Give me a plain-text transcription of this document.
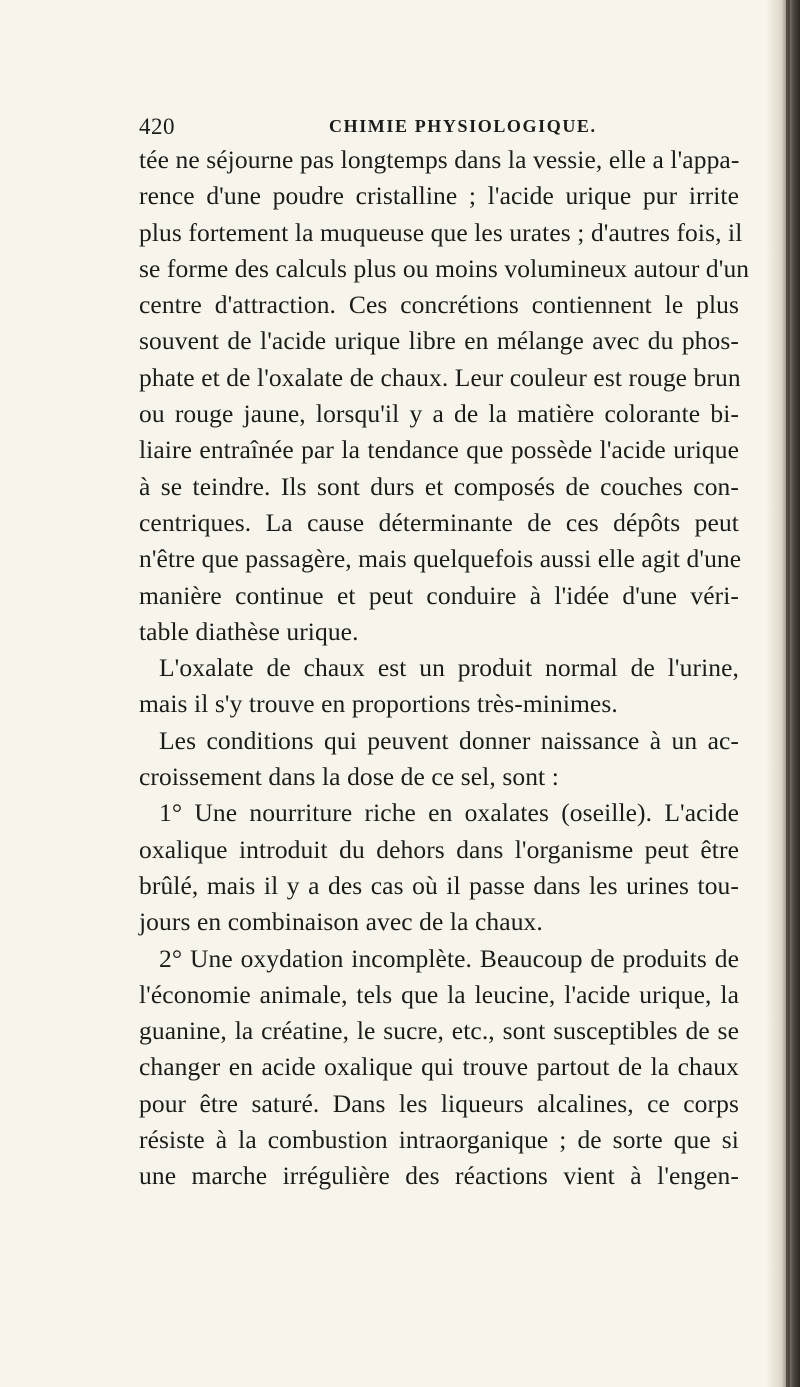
420	CHIMIE PHYSIOLOGIQUE.
tée ne séjourne pas longtemps dans la vessie, elle a l'appa-
rence d'une poudre cristalline ; l'acide urique pur irrite
plus fortement la muqueuse que les urates ; d'autres fois, il
se forme des calculs plus ou moins volumineux autour d'un
centre d'attraction. Ces concrétions contiennent le plus
souvent de l'acide urique libre en mélange avec du phos-
phate et de l'oxalate de chaux. Leur couleur est rouge brun
ou rouge jaune, lorsqu'il y a de la matière colorante bi-
liaire entraînée par la tendance que possède l'acide urique
à se teindre. Ils sont durs et composés de couches con-
centriques. La cause déterminante de ces dépôts peut
n'être que passagère, mais quelquefois aussi elle agit d'une
manière continue et peut conduire à l'idée d'une véri-
table diathèse urique.
L'oxalate de chaux est un produit normal de l'urine,
mais il s'y trouve en proportions très-minimes.
Les conditions qui peuvent donner naissance à un ac-
croissement dans la dose de ce sel, sont :
1° Une nourriture riche en oxalates (oseille). L'acide
oxalique introduit du dehors dans l'organisme peut être
brûlé, mais il y a des cas où il passe dans les urines tou-
jours en combinaison avec de la chaux.
2° Une oxydation incomplète. Beaucoup de produits de
l'économie animale, tels que la leucine, l'acide urique, la
guanine, la créatine, le sucre, etc., sont susceptibles de se
changer en acide oxalique qui trouve partout de la chaux
pour être saturé. Dans les liqueurs alcalines, ce corps
résiste à la combustion intraorganique ; de sorte que si
une marche irrégulière des réactions vient à l'engen-
